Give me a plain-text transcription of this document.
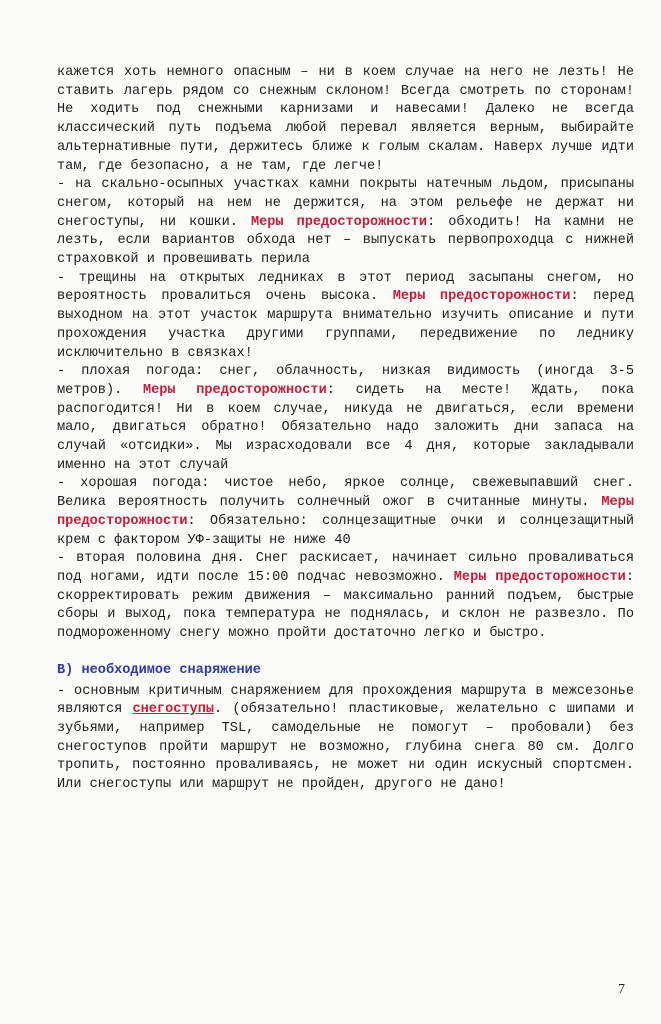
кажется хоть немного опасным – ни в коем случае на него не лезть! Не ставить лагерь рядом со снежным склоном! Всегда смотреть по сторонам! Не ходить под снежными карнизами и навесами! Далеко не всегда классический путь подъема любой перевал является верным, выбирайте альтернативные пути, держитесь ближе к голым скалам. Наверх лучше идти там, где безопасно, а не там, где легче!

- на скально-осыпных участках камни покрыты натечным льдом, присыпаны снегом, который на нем не держится, на этом рельефе не держат ни снегоступы, ни кошки. Меры предосторожности: обходить! На камни не лезть, если вариантов обхода нет – выпускать первопроходца с нижней страховкой и провешивать перила

- трещины на открытых ледниках в этот период засыпаны снегом, но вероятность провалиться очень высока. Меры предосторожности: перед выходном на этот участок маршрута внимательно изучить описание и пути прохождения участка другими группами, передвижение по леднику исключительно в связках!

- плохая погода: снег, облачность, низкая видимость (иногда 3-5 метров). Меры предосторожности: сидеть на месте! Ждать, пока распогодится! Ни в коем случае, никуда не двигаться, если времени мало, двигаться обратно! Обязательно надо заложить дни запаса на случай «отсидки». Мы израсходовали все 4 дня, которые закладывали именно на этот случай

- хорошая погода: чистое небо, яркое солнце, свежевыпавший снег. Велика вероятность получить солнечный ожог в считанные минуты. Меры предосторожности: Обязательно: солнцезащитные очки и солнцезащитный крем с фактором УФ-защиты не ниже 40

- вторая половина дня. Снег раскисает, начинает сильно проваливаться под ногами, идти после 15:00 подчас невозможно. Меры предосторожности: скорректировать режим движения – максимально ранний подъем, быстрые сборы и выход, пока температура не поднялась, и склон не развезло. По подмороженному снегу можно пройти достаточно легко и быстро.

B) необходимое снаряжение

- основным критичным снаряжением для прохождения маршрута в межсезонье являются снегоступы. (обязательно! пластиковые, желательно с шипами и зубьями, например TSL, самодельные не помогут – пробовали) без снегоступов пройти маршрут не возможно, глубина снега 80 см. Долго тропить, постоянно проваливаясь, не может ни один искусный спортсмен. Или снегоступы или маршрут не пройден, другого не дано!

7
